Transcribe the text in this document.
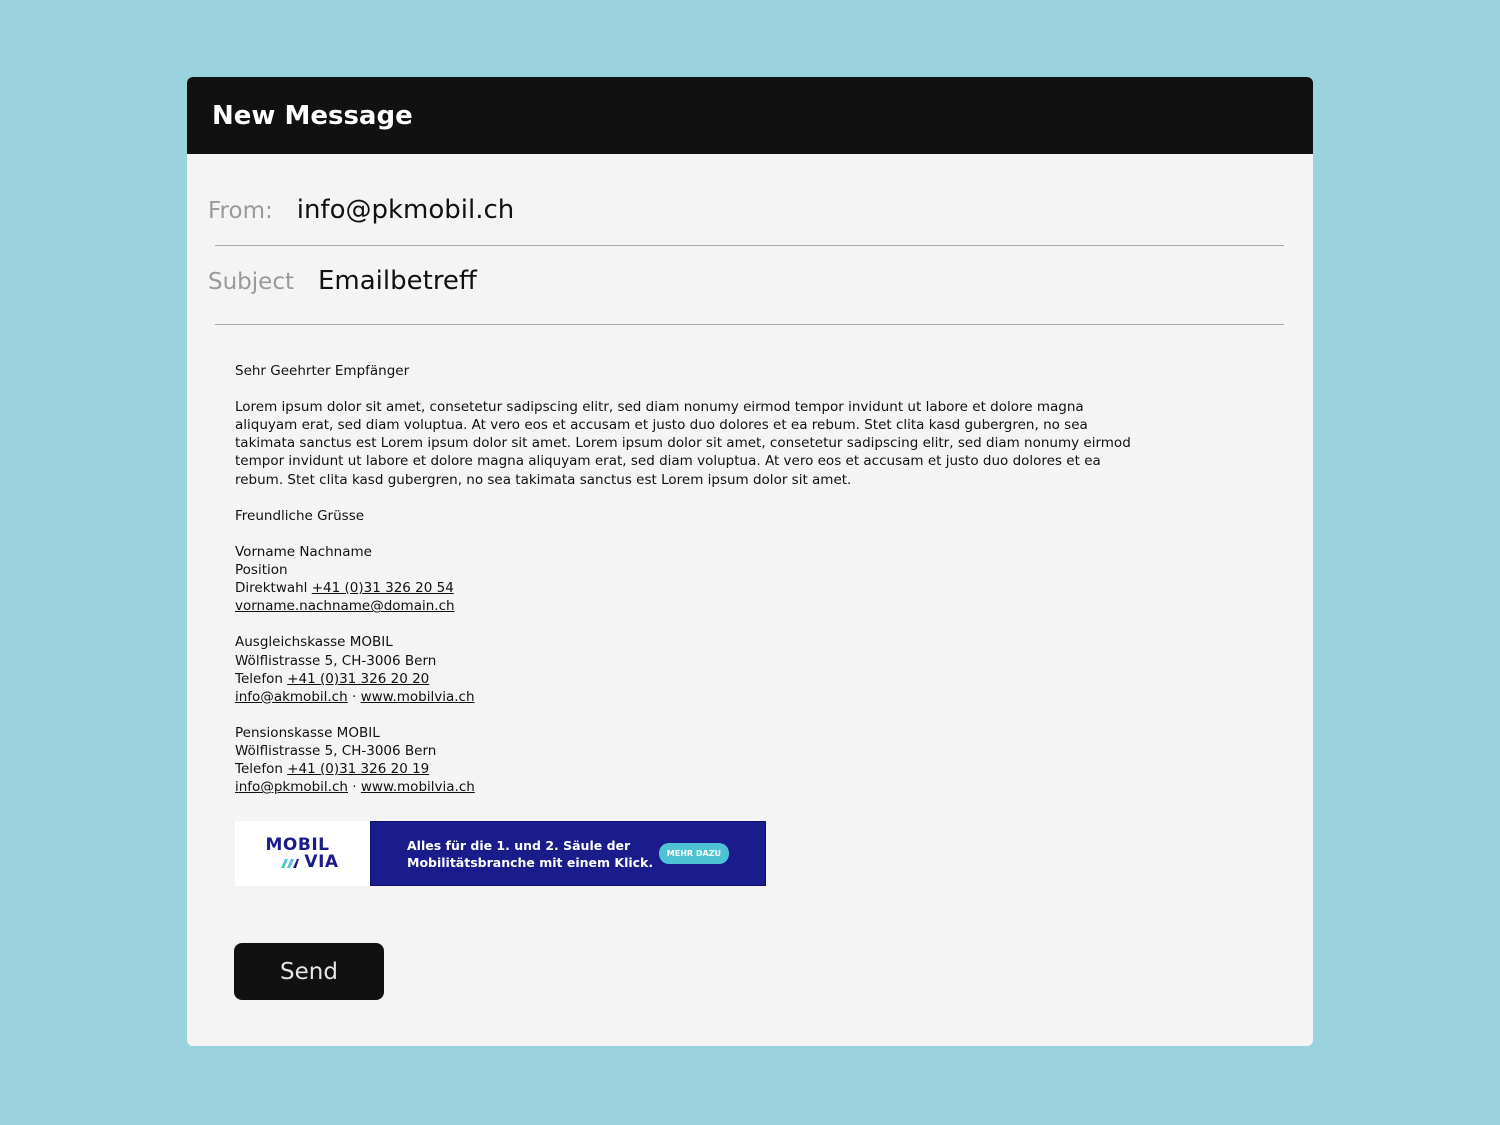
New Message
From: info@pkmobil.ch
Subject Emailbetreff

Sehr Geehrter Empfänger

Lorem ipsum dolor sit amet, consetetur sadipscing elitr, sed diam nonumy eirmod tempor invidunt ut labore et dolore magna aliquyam erat, sed diam voluptua. At vero eos et accusam et justo duo dolores et ea rebum. Stet clita kasd gubergren, no sea takimata sanctus est Lorem ipsum dolor sit amet. Lorem ipsum dolor sit amet, consetetur sadipscing elitr, sed diam nonumy eirmod tempor invidunt ut labore et dolore magna aliquyam erat, sed diam voluptua. At vero eos et accusam et justo duo dolores et ea rebum. Stet clita kasd gubergren, no sea takimata sanctus est Lorem ipsum dolor sit amet.

Freundliche Grüsse

Vorname Nachname

Position

Direktwahl +41 (0)31 326 20 54

vorname.nachname@domain.ch

Ausgleichskasse MOBIL

Wölflistrasse 5, CH-3006 Bern

Telefon +41 (0)31 326 20 20

info@akmobil.ch · www.mobilvia.ch

Pensionskasse MOBIL

Wölflistrasse 5, CH-3006 Bern

Telefon +41 (0)31 326 20 19

info@pkmobil.ch · www.mobilvia.ch

MOBIL
VIA
Alles für die 1. und 2. Säule der
Mobilitätsbranche mit einem Klick.
MEHR DAZU
Send
